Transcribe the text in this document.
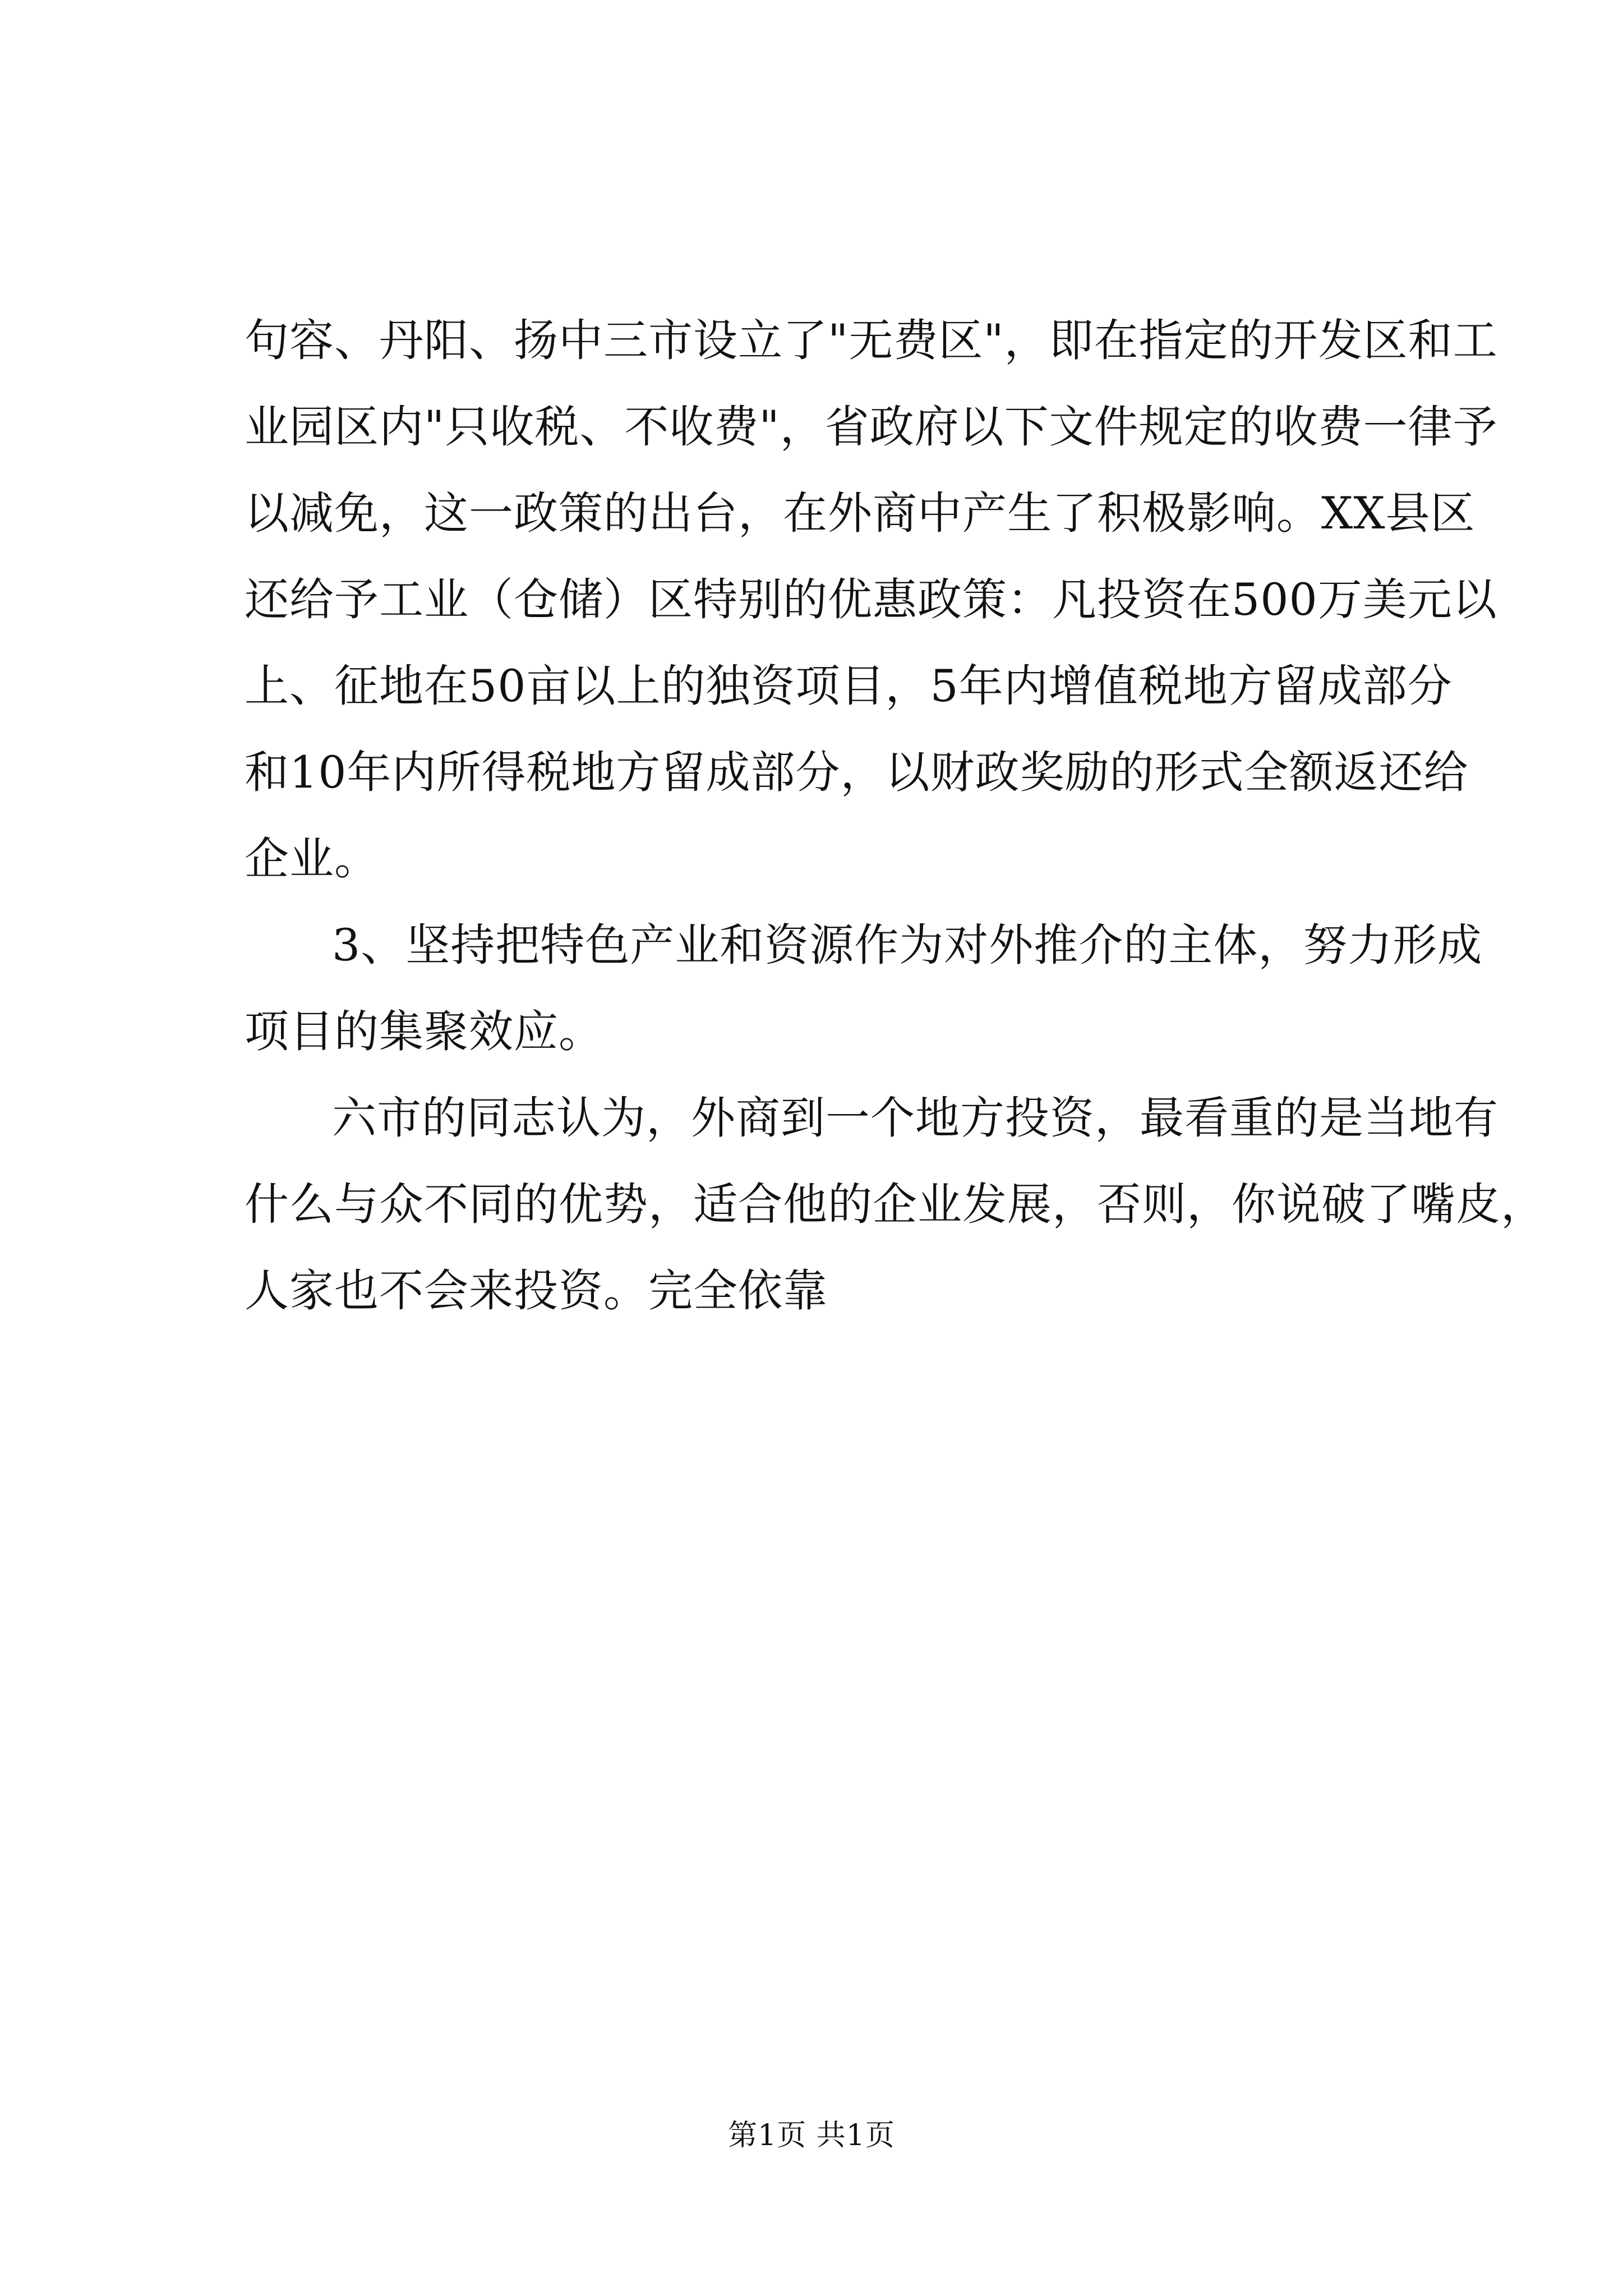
句容、丹阳、扬中三市设立了"无费区"，即在指定的开发区和工
业园区内"只收税、不收费"，省政府以下文件规定的收费一律予
以减免，这一政策的出台，在外商中产生了积极影响。XX县区
还给予工业（仓储）区特别的优惠政策：凡投资在500万美元以
上、征地在50亩以上的独资项目，5年内增值税地方留成部分
和10年内所得税地方留成部分，以财政奖励的形式全额返还给
企业。
3、坚持把特色产业和资源作为对外推介的主体，努力形成
项目的集聚效应。
六市的同志认为，外商到一个地方投资，最看重的是当地有
什么与众不同的优势，适合他的企业发展，否则，你说破了嘴皮，
人家也不会来投资。完全依靠
第1页 共1页
